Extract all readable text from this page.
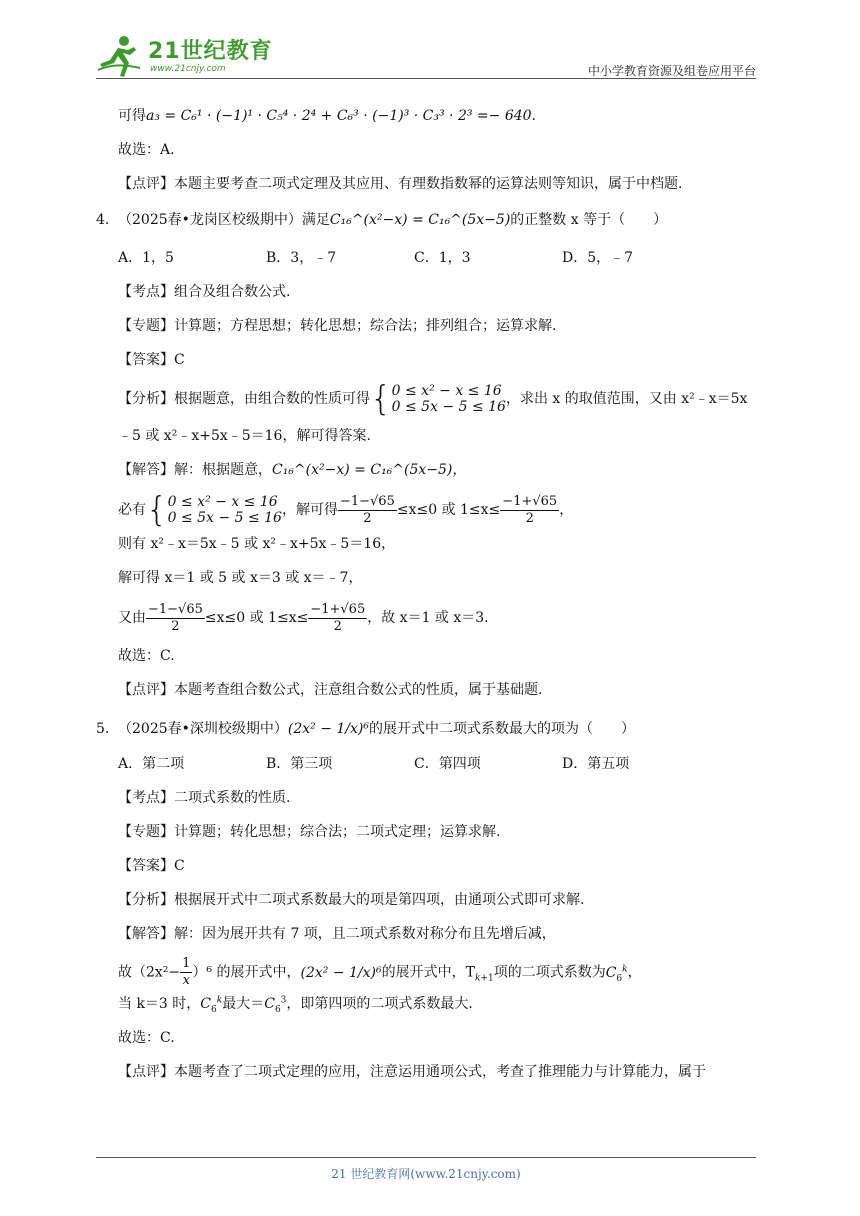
21世纪教育
www.21cnjy.com	中小学教育资源及组卷应用平台
可得a₃ = C₆¹ · (−1)¹ · C₅⁴ · 2⁴ + C₆³ · (−1)³ · C₃³ · 2³ =− 640.
故选：A.
【点评】本题主要考查二项式定理及其应用、有理数指数幂的运算法则等知识，属于中档题.
4. （2025春•龙岗区校级期中）满足C₁₆^(x²−x) = C₁₆^(5x−5)的正整数 x 等于（　　）
A．1，5	B．3，﹣7	C．1，3	D．5，﹣7
【考点】组合及组合数公式.
【专题】计算题；方程思想；转化思想；综合法；排列组合；运算求解.
【答案】C
【分析】根据题意，由组合数的性质可得{ 0 ≤ x² − x ≤ 16
0 ≤ 5x − 5 ≤ 16 ，求出 x 的取值范围，又由 x²﹣x＝5x
﹣5 或 x²﹣x+5x﹣5＝16，解可得答案.
【解答】解：根据题意，C₁₆^(x²−x) = C₁₆^(5x−5)，
必有{ 0 ≤ x² − x ≤ 16
0 ≤ 5x − 5 ≤ 16 ，解可得 $\frac{-1-√65}{2} \le x\le 0$ 或 $1\le x\le \frac{-1+√65}{2}$ ，
则有 x²﹣x＝5x﹣5 或 x²﹣x+5x﹣5＝16，
解可得 x＝1 或 5 或 x＝3 或 x＝﹣7，
又由 $\frac{-1-√65}{2} \le x\le 0$ 或 $1\le x\le \frac{-1+√65}{2}$ ，故 x＝1 或 x＝3.
故选：C.
【点评】本题考查组合数公式，注意组合数公式的性质，属于基础题.
5. （2025春•深圳校级期中）(2x² − 1/x)⁶的展开式中二项式系数最大的项为（　　）
A．第二项	B．第三项	C．第四项	D．第五项
【考点】二项式系数的性质.
【专题】计算题；转化思想；综合法；二项式定理；运算求解.
【答案】C
【分析】根据展开式中二项式系数最大的项是第四项，由通项公式即可求解.
【解答】解：因为展开共有 7 项，且二项式系数对称分布且先增后减，
故$(2x^2- \frac{1}{x} )^6$ 的展开式中，(2x² − 1/x)⁶的展开式中，$T_{k+1}$项的二项式系数为$C_6^k$，
当 k＝3 时，$C_6^k$最大$=C_6^3$，即第四项的二项式系数最大.
故选：C.
【点评】本题考查了二项式定理的应用，注意运用通项公式，考查了推理能力与计算能力，属于
21 世纪教育网(www.21cnjy.com)
